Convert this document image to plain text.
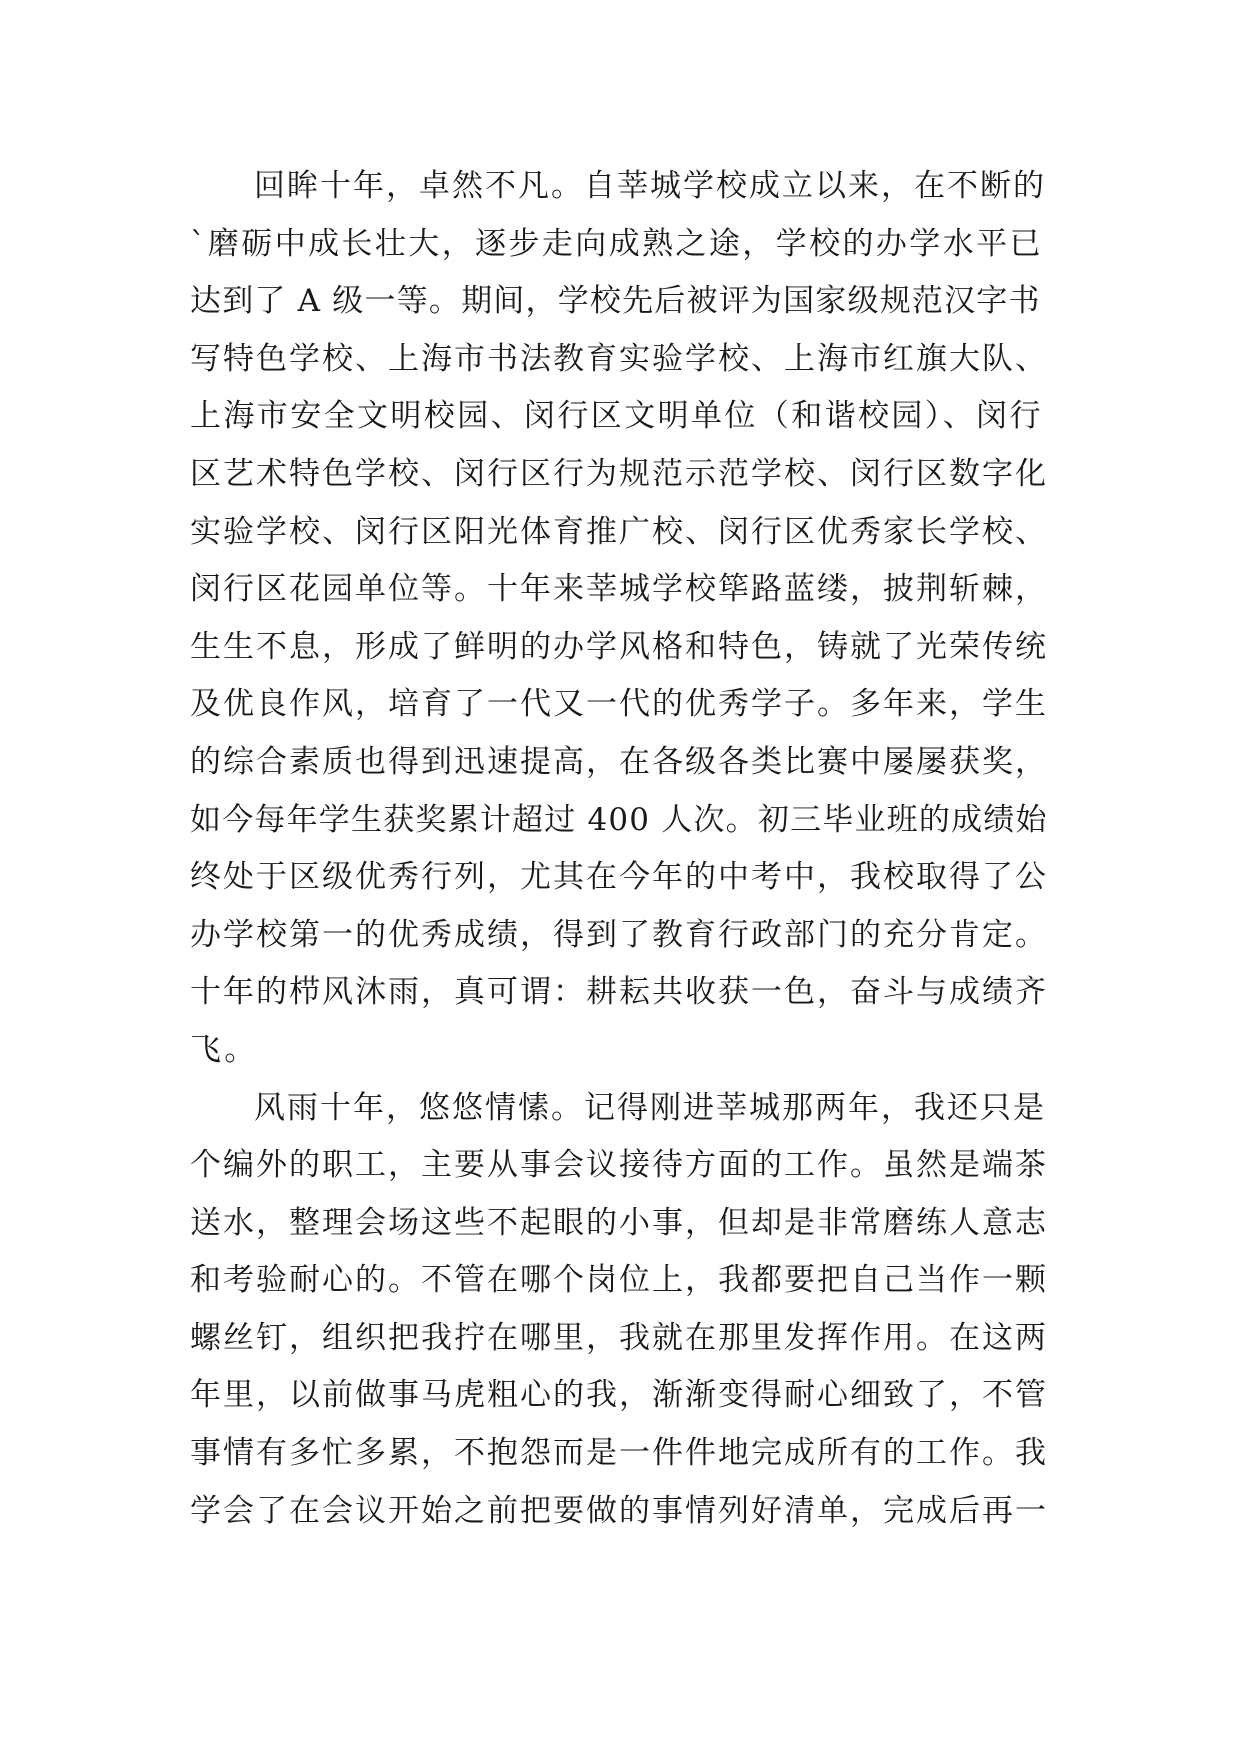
回眸十年，卓然不凡。自莘城学校成立以来，在不断的
`磨砺中成长壮大，逐步走向成熟之途，学校的办学水平已
达到了 A 级一等。期间，学校先后被评为国家级规范汉字书
写特色学校、上海市书法教育实验学校、上海市红旗大队、
上海市安全文明校园、闵行区文明单位（和谐校园）、闵行
区艺术特色学校、闵行区行为规范示范学校、闵行区数字化
实验学校、闵行区阳光体育推广校、闵行区优秀家长学校、
闵行区花园单位等。十年来莘城学校筚路蓝缕，披荆斩棘，
生生不息，形成了鲜明的办学风格和特色，铸就了光荣传统
及优良作风，培育了一代又一代的优秀学子。多年来，学生
的综合素质也得到迅速提高，在各级各类比赛中屡屡获奖，
如今每年学生获奖累计超过 400 人次。初三毕业班的成绩始
终处于区级优秀行列，尤其在今年的中考中，我校取得了公
办学校第一的优秀成绩，得到了教育行政部门的充分肯定。
十年的栉风沐雨，真可谓：耕耘共收获一色，奋斗与成绩齐
飞。
风雨十年，悠悠情愫。记得刚进莘城那两年，我还只是
个编外的职工，主要从事会议接待方面的工作。虽然是端茶
送水，整理会场这些不起眼的小事，但却是非常磨练人意志
和考验耐心的。不管在哪个岗位上，我都要把自己当作一颗
螺丝钉，组织把我拧在哪里，我就在那里发挥作用。在这两
年里，以前做事马虎粗心的我，渐渐变得耐心细致了，不管
事情有多忙多累，不抱怨而是一件件地完成所有的工作。我
学会了在会议开始之前把要做的事情列好清单，完成后再一
